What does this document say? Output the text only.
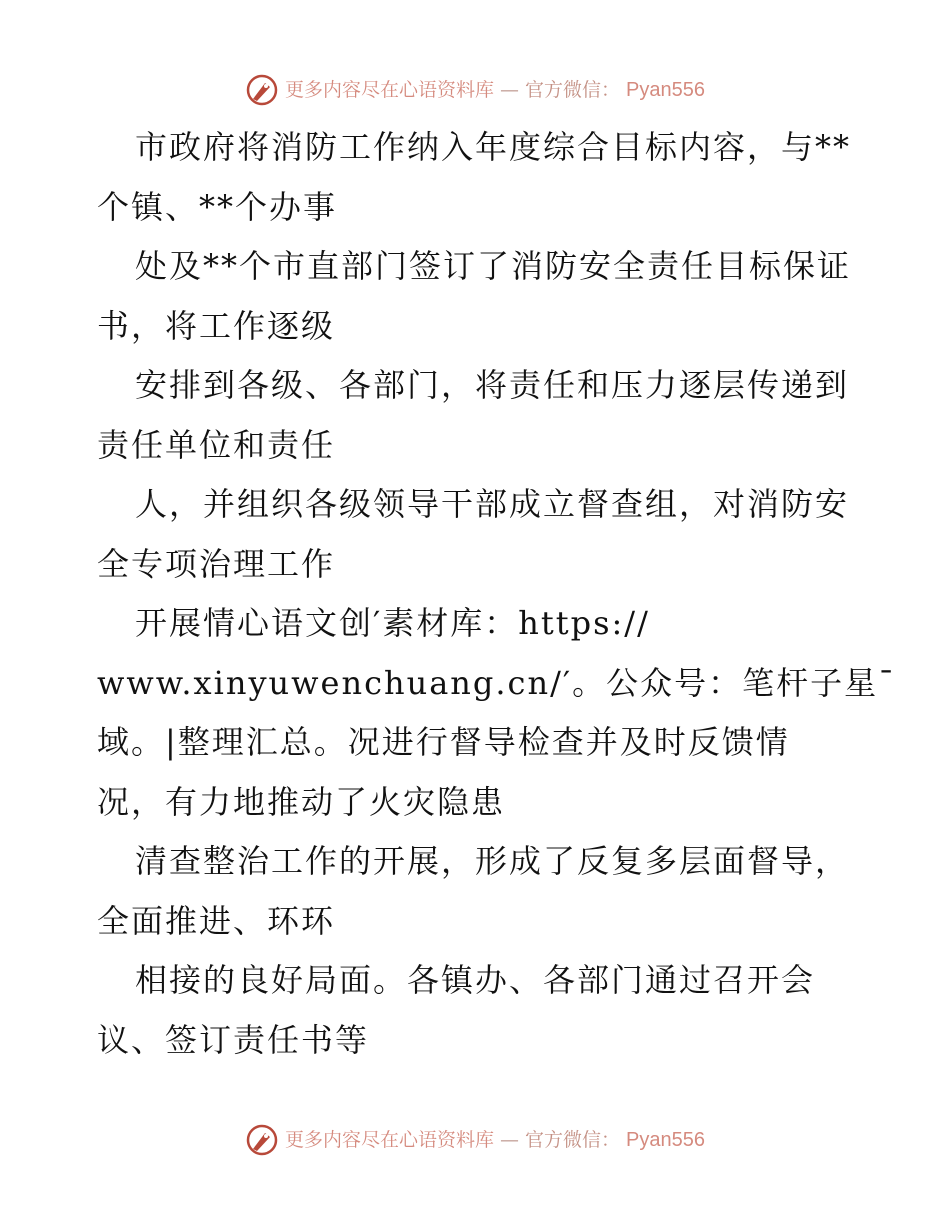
更多内容尽在心语资料库 — 官方微信： Pyan556
市政府将消防工作纳入年度综合目标内容，与**
个镇、**个办事
处及**个市直部门签订了消防安全责任目标保证
书，将工作逐级
安排到各级、各部门，将责任和压力逐层传递到
责任单位和责任
人，并组织各级领导干部成立督查组，对消防安
全专项治理工作
开展情心语文创′素材库：https://
www.xinyuwenchuang.cn/′。公众号：笔杆子星¯
域。|整理汇总。况进行督导检查并及时反馈情
况，有力地推动了火灾隐患
清查整治工作的开展，形成了反复多层面督导，
全面推进、环环
相接的良好局面。各镇办、各部门通过召开会
议、签订责任书等
更多内容尽在心语资料库 — 官方微信： Pyan556
